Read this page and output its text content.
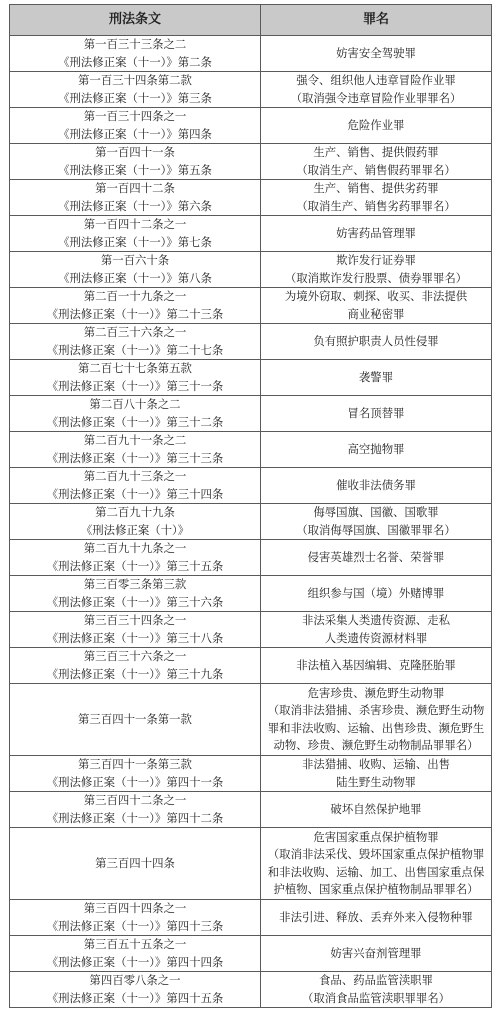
刑法条文	罪名

第一百三十三条之二
《刑法修正案（十一）》第二条	妨害安全驾驶罪

第一百三十四条第二款
《刑法修正案（十一）》第三条	强令、组织他人违章冒险作业罪
（取消强令违章冒险作业罪罪名）

第一百三十四条之一
《刑法修正案（十一）》第四条	危险作业罪

第一百四十一条
《刑法修正案（十一）》第五条	生产、销售、提供假药罪
（取消生产、销售假药罪罪名）

第一百四十二条
《刑法修正案（十一）》第六条	生产、销售、提供劣药罪
（取消生产、销售劣药罪罪名）

第一百四十二条之一
《刑法修正案（十一）》第七条	妨害药品管理罪

第一百六十条
《刑法修正案（十一）》第八条	欺诈发行证券罪
（取消欺诈发行股票、债券罪罪名）

第二百一十九条之一
《刑法修正案（十一）》第二十三条	为境外窃取、刺探、收买、非法提供
商业秘密罪

第二百三十六条之一
《刑法修正案（十一）》第二十七条	负有照护职责人员性侵罪

第二百七十七条第五款
《刑法修正案（十一）》第三十一条	袭警罪

第二百八十条之二
《刑法修正案（十一）》第三十二条	冒名顶替罪

第二百九十一条之二
《刑法修正案（十一）》第三十三条	高空抛物罪

第二百九十三条之一
《刑法修正案（十一）》第三十四条	催收非法债务罪

第二百九十九条
《刑法修正案（十）》	侮辱国旗、国徽、国歌罪
（取消侮辱国旗、国徽罪罪名）

第二百九十九条之一
《刑法修正案（十一）》第三十五条	侵害英雄烈士名誉、荣誉罪

第三百零三条第三款
《刑法修正案（十一）》第三十六条	组织参与国（境）外赌博罪

第三百三十四条之一
《刑法修正案（十一）》第三十八条	非法采集人类遗传资源、走私
人类遗传资源材料罪

第三百三十六条之一
《刑法修正案（十一）》第三十九条	非法植入基因编辑、克隆胚胎罪

第三百四十一条第一款	危害珍贵、濒危野生动物罪
（取消非法猎捕、杀害珍贵、濒危野生动物
罪和非法收购、运输、出售珍贵、濒危野生
动物、珍贵、濒危野生动物制品罪罪名）

第三百四十一条第三款
《刑法修正案（十一）》第四十一条	非法猎捕、收购、运输、出售
陆生野生动物罪

第三百四十二条之一
《刑法修正案（十一）》第四十二条	破坏自然保护地罪

第三百四十四条	危害国家重点保护植物罪
（取消非法采伐、毁坏国家重点保护植物罪
和非法收购、运输、加工、出售国家重点保
护植物、国家重点保护植物制品罪罪名）

第三百四十四条之一
《刑法修正案（十一）》第四十三条	非法引进、释放、丢弃外来入侵物种罪

第三百五十五条之一
《刑法修正案（十一）》第四十四条	妨害兴奋剂管理罪

第四百零八条之一
《刑法修正案（十一）》第四十五条	食品、药品监管渎职罪
（取消食品监管渎职罪罪名）
